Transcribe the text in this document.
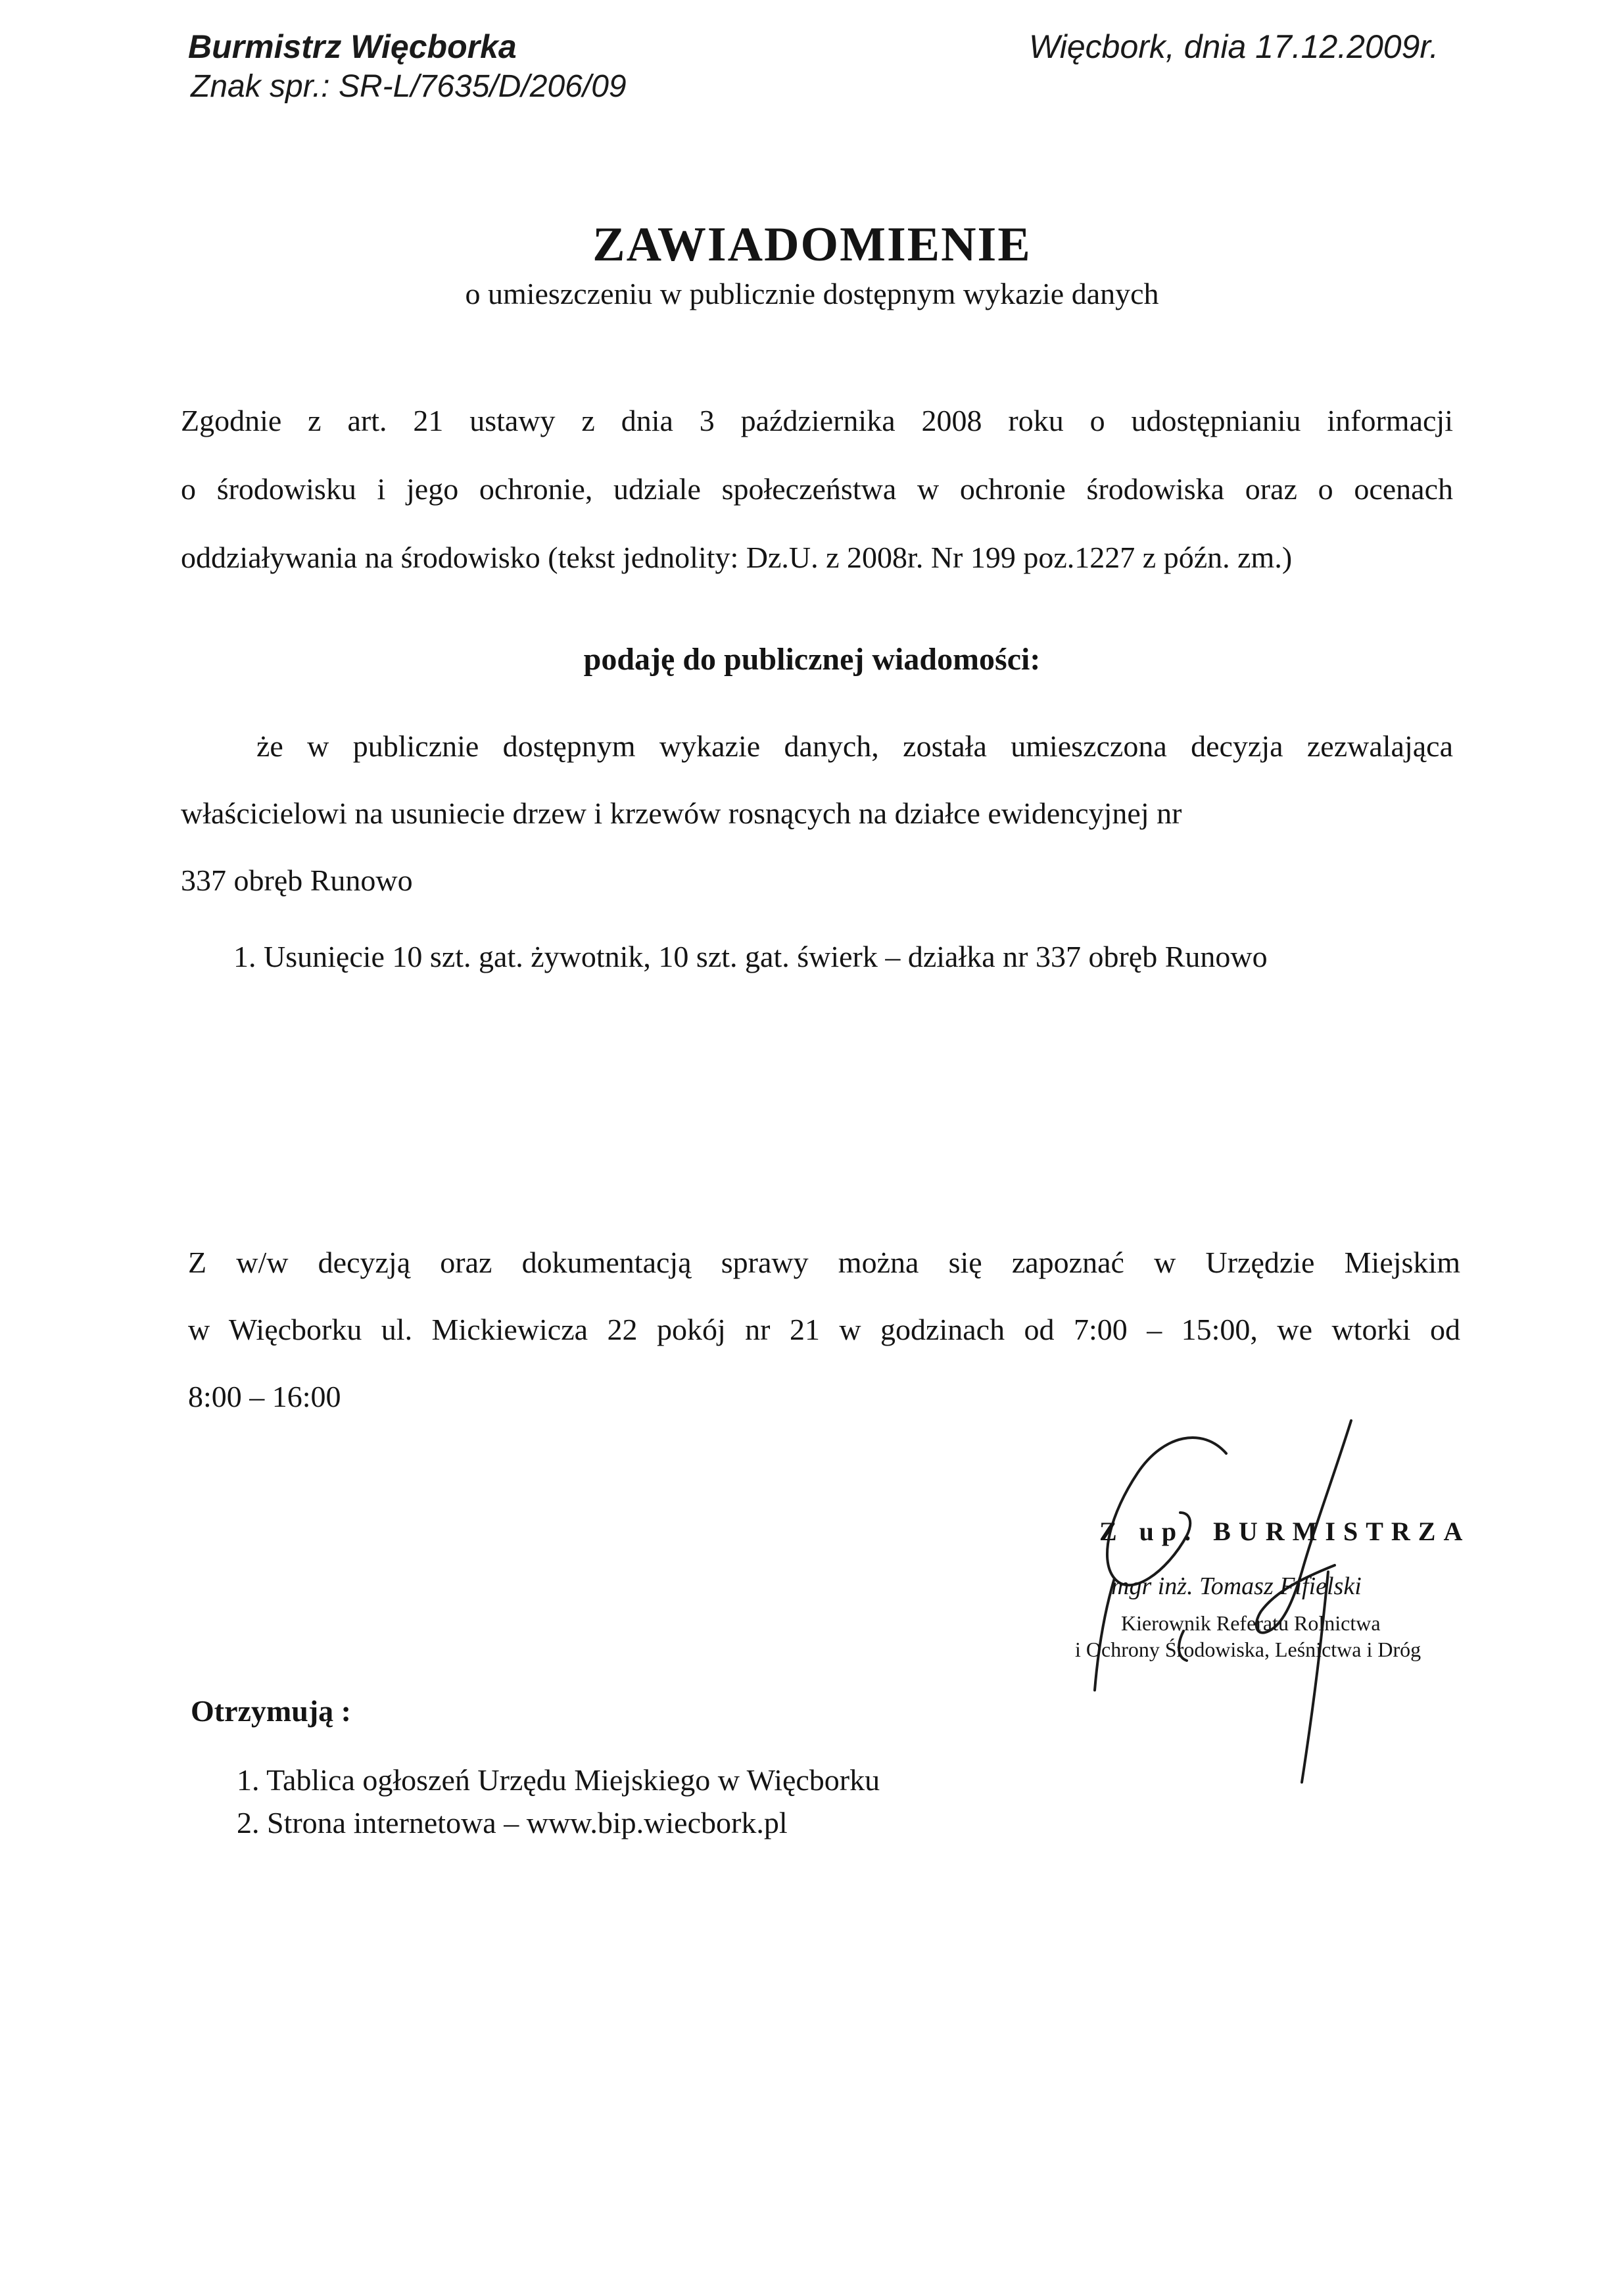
Burmistrz Więcborka
Znak spr.: SR-L/7635/D/206/09
Więcbork, dnia 17.12.2009r.
ZAWIADOMIENIE
o umieszczeniu w publicznie dostępnym wykazie danych
Zgodnie z art. 21 ustawy z dnia 3 października 2008 roku o udostępnianiu informacji
o środowisku i jego ochronie, udziale społeczeństwa w ochronie środowiska oraz o ocenach
oddziaływania na środowisko (tekst jednolity: Dz.U. z 2008r. Nr 199 poz.1227 z późn. zm.)
podaję do publicznej wiadomości:
że w publicznie dostępnym wykazie danych, została umieszczona decyzja zezwalająca
właścicielowi na usuniecie drzew i krzewów rosnących na działce ewidencyjnej nr
337 obręb Runowo
1. Usunięcie 10 szt. gat. żywotnik, 10 szt. gat. świerk – działka nr 337 obręb Runowo
Z w/w decyzją oraz dokumentacją sprawy można się zapoznać w Urzędzie Miejskim
w Więcborku ul. Mickiewicza 22 pokój nr 21 w godzinach od 7:00 – 15:00, we wtorki od
8:00 – 16:00
Z up. BURMISTRZA
mgr inż. Tomasz Fifielski
Kierownik Referatu Rolnictwa
i Ochrony Środowiska, Leśnictwa i Dróg
Otrzymują :
1. Tablica ogłoszeń Urzędu Miejskiego w Więcborku
2. Strona internetowa – www.bip.wiecbork.pl
